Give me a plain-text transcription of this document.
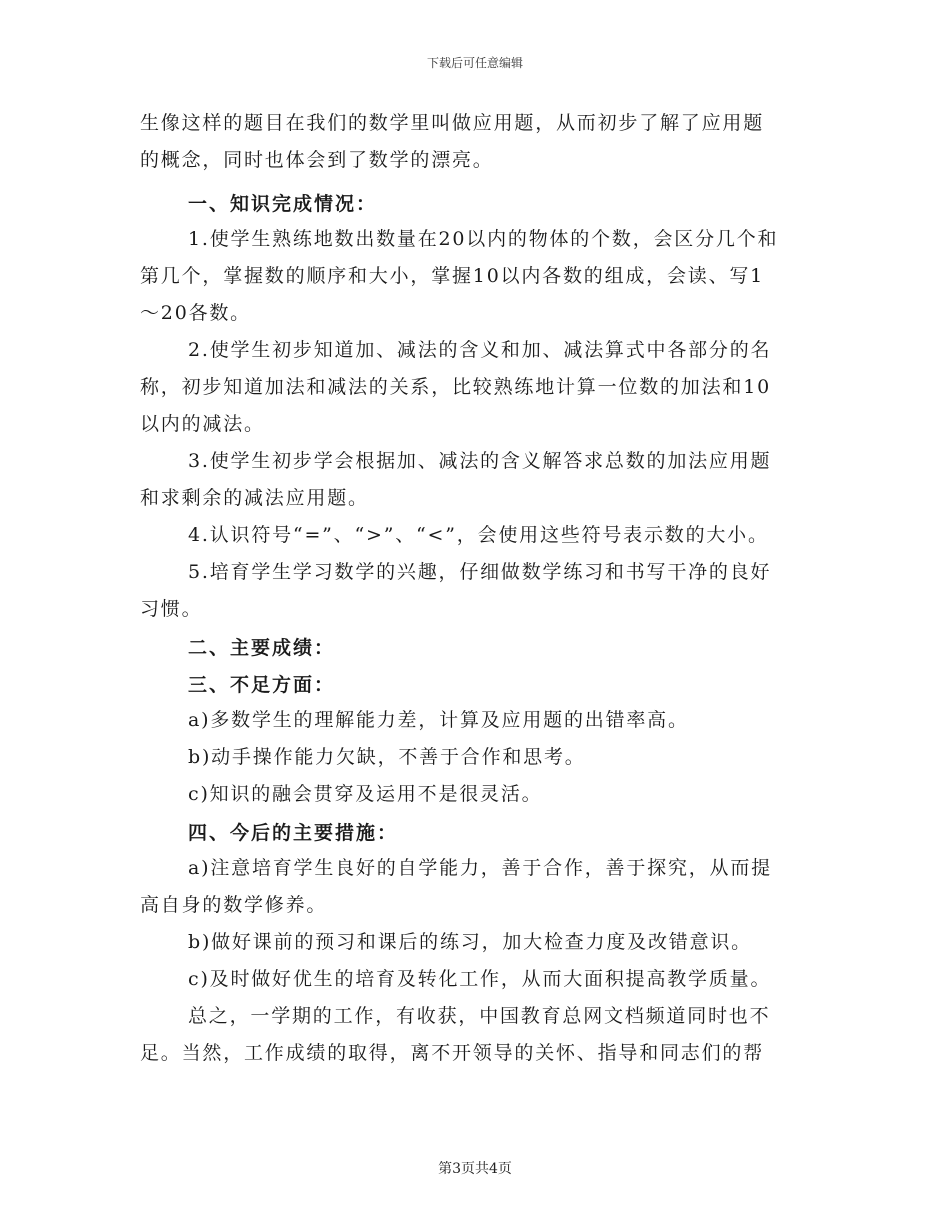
下载后可任意编辑
生像这样的题目在我们的数学里叫做应用题，从而初步了解了应用题
的概念，同时也体会到了数学的漂亮。
一、知识完成情况：
1.使学生熟练地数出数量在20以内的物体的个数，会区分几个和
第几个，掌握数的顺序和大小，掌握10以内各数的组成，会读、写1
～20各数。
2.使学生初步知道加、减法的含义和加、减法算式中各部分的名
称，初步知道加法和减法的关系，比较熟练地计算一位数的加法和10
以内的减法。
3.使学生初步学会根据加、减法的含义解答求总数的加法应用题
和求剩余的减法应用题。
4.认识符号“=”、“>”、“<”，会使用这些符号表示数的大小。
5.培育学生学习数学的兴趣，仔细做数学练习和书写干净的良好
习惯。
二、主要成绩：
三、不足方面：
a)多数学生的理解能力差，计算及应用题的出错率高。
b)动手操作能力欠缺，不善于合作和思考。
c)知识的融会贯穿及运用不是很灵活。
四、今后的主要措施：
a)注意培育学生良好的自学能力，善于合作，善于探究，从而提
高自身的数学修养。
b)做好课前的预习和课后的练习，加大检查力度及改错意识。
c)及时做好优生的培育及转化工作，从而大面积提高教学质量。
总之，一学期的工作，有收获，中国教育总网文档频道同时也不
足。当然，工作成绩的取得，离不开领导的关怀、指导和同志们的帮
第3页共4页
